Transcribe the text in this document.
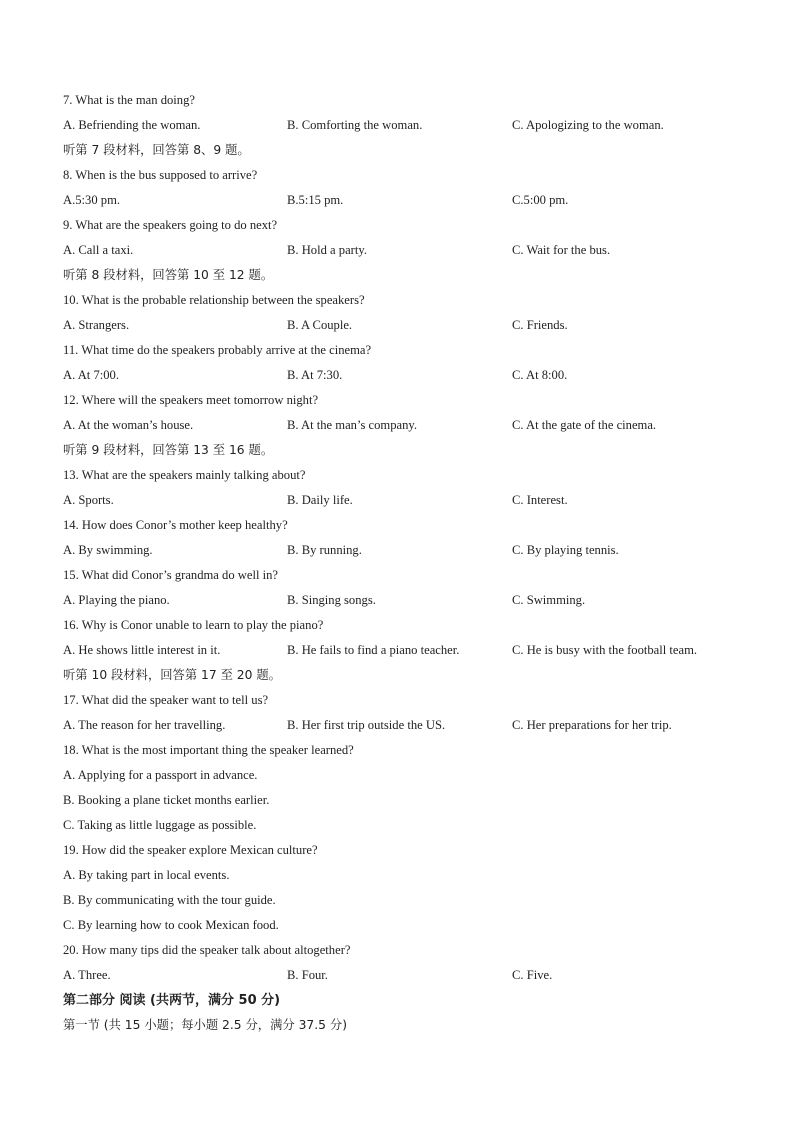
7. What is the man doing?
A. Befriending the woman.	B. Comforting the woman.	C. Apologizing to the woman.
听第 7 段材料，回答第 8、9 题。
8. When is the bus supposed to arrive?
A.5:30 pm.	B.5:15 pm.	C.5:00 pm.
9. What are the speakers going to do next?
A. Call a taxi.	B. Hold a party.	C. Wait for the bus.
听第 8 段材料，回答第 10 至 12 题。
10. What is the probable relationship between the speakers?
A. Strangers.	B. A Couple.	C. Friends.
11. What time do the speakers probably arrive at the cinema?
A. At 7:00.	B. At 7:30.	C. At 8:00.
12. Where will the speakers meet tomorrow night?
A. At the woman’s house.	B. At the man’s company.	C. At the gate of the cinema.
听第 9 段材料，回答第 13 至 16 题。
13. What are the speakers mainly talking about?
A. Sports.	B. Daily life.	C. Interest.
14. How does Conor’s mother keep healthy?
A. By swimming.	B. By running.	C. By playing tennis.
15. What did Conor’s grandma do well in?
A. Playing the piano.	B. Singing songs.	C. Swimming.
16. Why is Conor unable to learn to play the piano?
A. He shows little interest in it.	B. He fails to find a piano teacher.	C. He is busy with the football team.
听第 10 段材料，回答第 17 至 20 题。
17. What did the speaker want to tell us?
A. The reason for her travelling.	B. Her first trip outside the US.	C. Her preparations for her trip.
18. What is the most important thing the speaker learned?
A. Applying for a passport in advance.
B. Booking a plane ticket months earlier.
C. Taking as little luggage as possible.
19. How did the speaker explore Mexican culture?
A. By taking part in local events.
B. By communicating with the tour guide.
C. By learning how to cook Mexican food.
20. How many tips did the speaker talk about altogether?
A. Three.	B. Four.	C. Five.
第二部分 阅读 (共两节，满分 50 分)
第一节 (共 15 小题；每小题 2.5 分，满分 37.5 分)
